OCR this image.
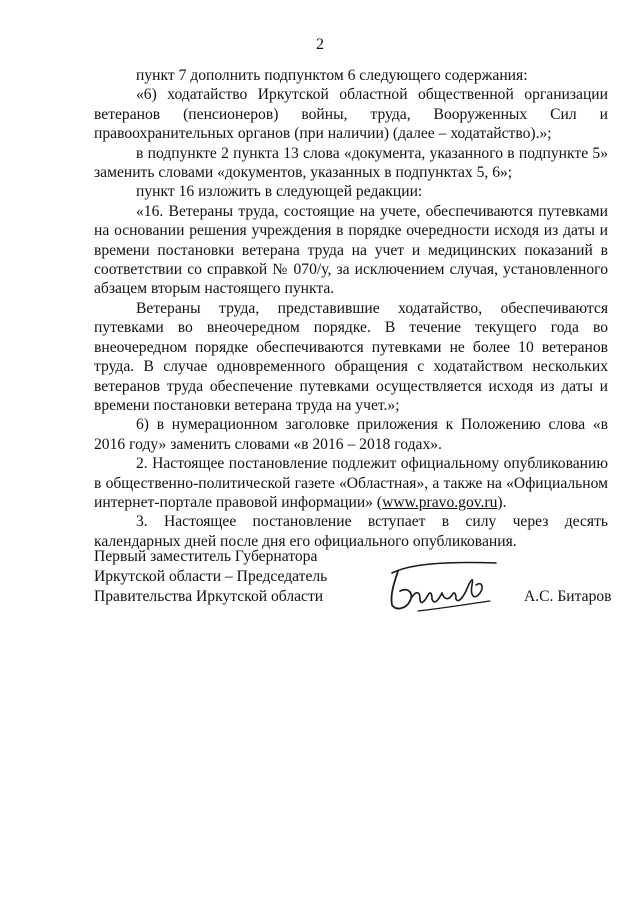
2

пункт 7 дополнить подпунктом 6 следующего содержания:

«6) ходатайство Иркутской областной общественной организации ветеранов (пенсионеров) войны, труда, Вооруженных Сил и правоохранительных органов (при наличии) (далее – ходатайство).»;

в подпункте 2 пункта 13 слова «документа, указанного в подпункте 5» заменить словами «документов, указанных в подпунктах 5, 6»;

пункт 16 изложить в следующей редакции:

«16. Ветераны труда, состоящие на учете, обеспечиваются путевками на основании решения учреждения в порядке очередности исходя из даты и времени постановки ветерана труда на учет и медицинских показаний в соответствии со справкой № 070/у, за исключением случая, установленного абзацем вторым настоящего пункта.

Ветераны труда, представившие ходатайство, обеспечиваются путевками во внеочередном порядке. В течение текущего года во внеочередном порядке обеспечиваются путевками не более 10 ветеранов труда. В случае одновременного обращения с ходатайством нескольких ветеранов труда обеспечение путевками осуществляется исходя из даты и времени постановки ветерана труда на учет.»;

6) в нумерационном заголовке приложения к Положению слова «в 2016 году» заменить словами «в 2016 – 2018 годах».

2. Настоящее постановление подлежит официальному опубликованию в общественно-политической газете «Областная», а также на «Официальном интернет-портале правовой информации» (www.pravo.gov.ru).

3. Настоящее постановление вступает в силу через десять календарных дней после дня его официального опубликования.

Первый заместитель Губернатора
Иркутской области – Председатель
Правительства Иркутской области	А.С. Битаров
